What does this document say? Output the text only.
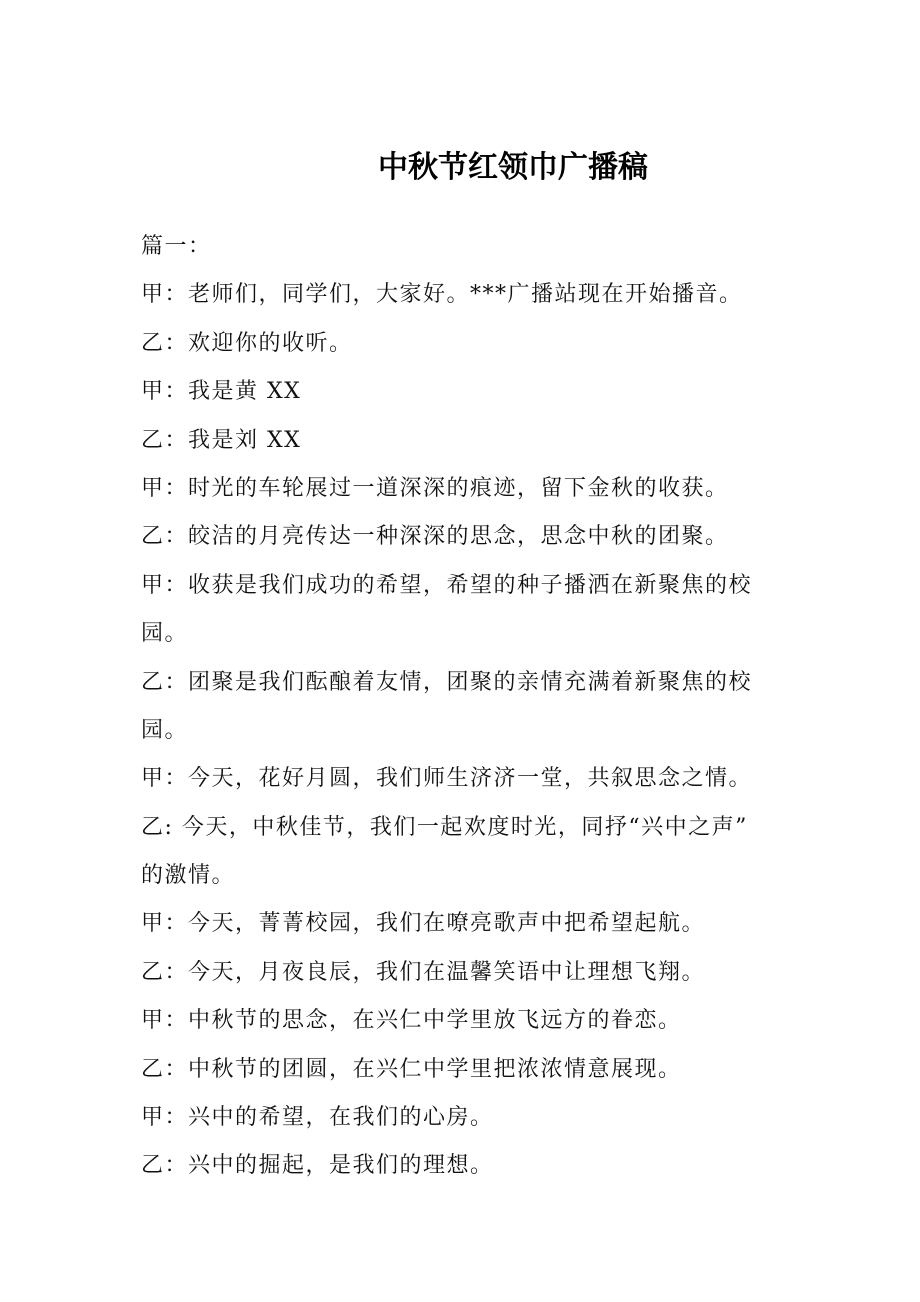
中秋节红领巾广播稿
篇一：
甲：老师们，同学们，大家好。***广播站现在开始播音。
乙：欢迎你的收听。
甲：我是黄 XX
乙：我是刘 XX
甲：时光的车轮展过一道深深的痕迹，留下金秋的收获。
乙：皎洁的月亮传达一种深深的思念，思念中秋的团聚。
甲：收获是我们成功的希望，希望的种子播洒在新聚焦的校
园。
乙：团聚是我们酝酿着友情，团聚的亲情充满着新聚焦的校
园。
甲：今天，花好月圆，我们师生济济一堂，共叙思念之情。
乙: 今天，中秋佳节，我们一起欢度时光，同抒“兴中之声”
的激情。
甲：今天，菁菁校园，我们在嘹亮歌声中把希望起航。
乙：今天，月夜良辰，我们在温馨笑语中让理想飞翔。
甲：中秋节的思念，在兴仁中学里放飞远方的眷恋。
乙：中秋节的团圆，在兴仁中学里把浓浓情意展现。
甲：兴中的希望，在我们的心房。
乙：兴中的掘起，是我们的理想。
